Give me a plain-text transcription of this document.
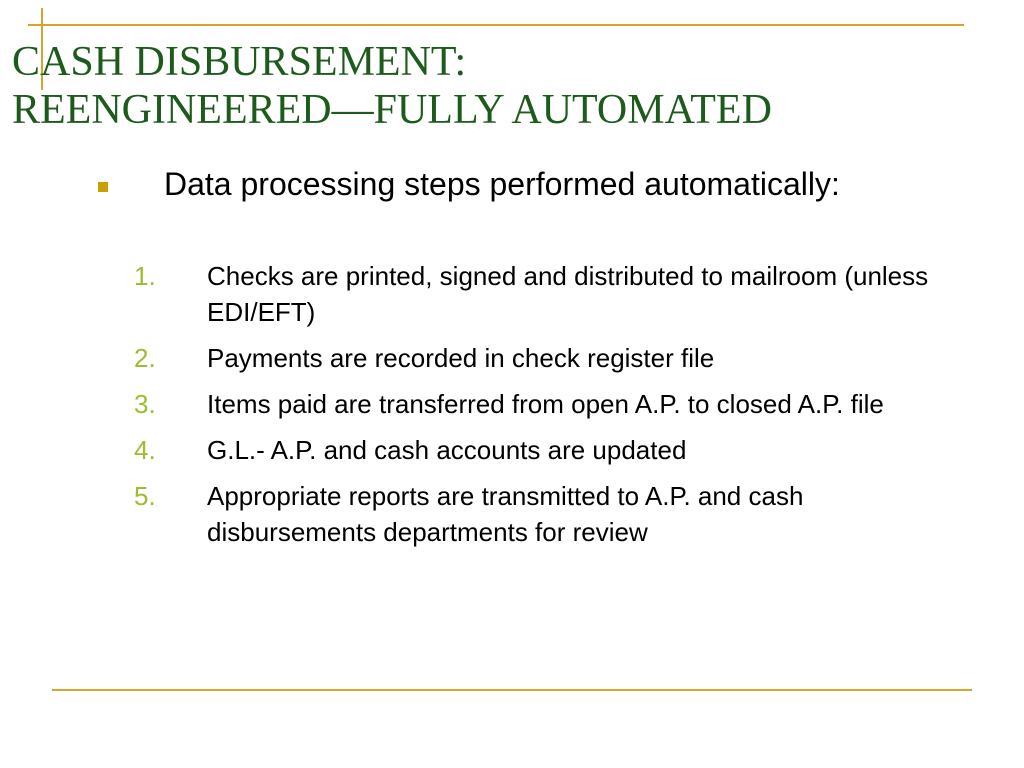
CASH DISBURSEMENT:
REENGINEERED—FULLY AUTOMATED
Data processing steps performed automatically:
1. Checks are printed, signed and distributed to mailroom (unless EDI/EFT)
2. Payments are recorded in check register file
3. Items paid are transferred from open A.P. to closed A.P. file
4. G.L.- A.P. and cash accounts are updated
5. Appropriate reports are transmitted to A.P. and cash disbursements departments for review
